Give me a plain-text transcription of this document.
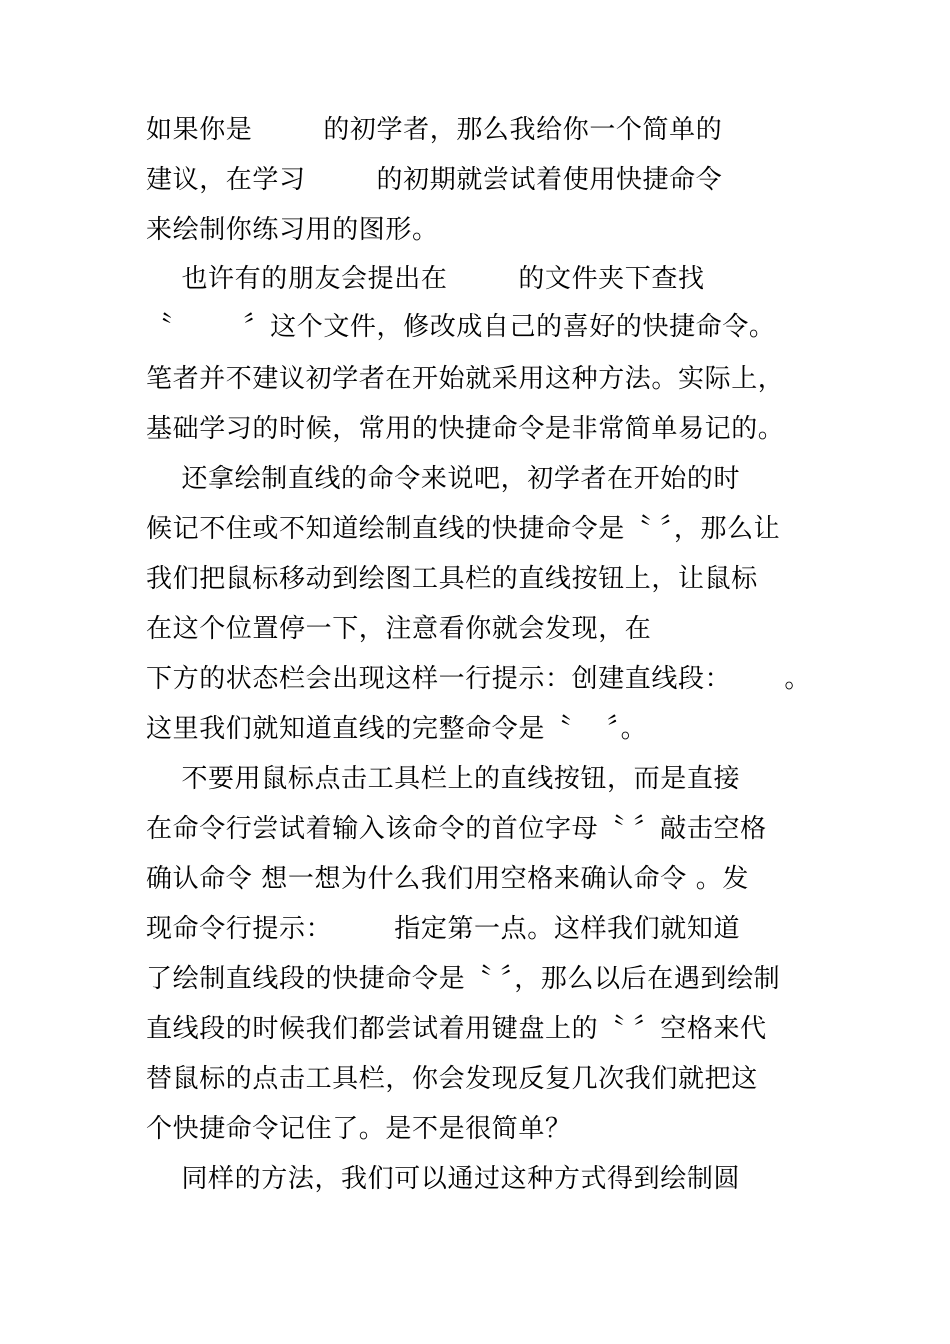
如果你是        的初学者，那么我给你一个简单的
建议，在学习        的初期就尝试着使用快捷命令
来绘制你练习用的图形。
也许有的朋友会提出在        的文件夹下查找
〝        〞这个文件，修改成自己的喜好的快捷命令。
笔者并不建议初学者在开始就采用这种方法。实际上，
基础学习的时候，常用的快捷命令是非常简单易记的。
还拿绘制直线的命令来说吧，初学者在开始的时
候记不住或不知道绘制直线的快捷命令是〝 〞，那么让
我们把鼠标移动到绘图工具栏的直线按钮上，让鼠标
在这个位置停一下，注意看你就会发现，在
下方的状态栏会出现这样一行提示：创建直线段：      。
这里我们就知道直线的完整命令是〝    〞。
不要用鼠标点击工具栏上的直线按钮，而是直接
在命令行尝试着输入该命令的首位字母〝 〞敲击空格
确认命令 想一想为什么我们用空格来确认命令 。发
现命令行提示：       指定第一点。这样我们就知道
了绘制直线段的快捷命令是〝 〞，那么以后在遇到绘制
直线段的时候我们都尝试着用键盘上的〝 〞空格来代
替鼠标的点击工具栏，你会发现反复几次我们就把这
个快捷命令记住了。是不是很简单？
同样的方法，我们可以通过这种方式得到绘制圆
